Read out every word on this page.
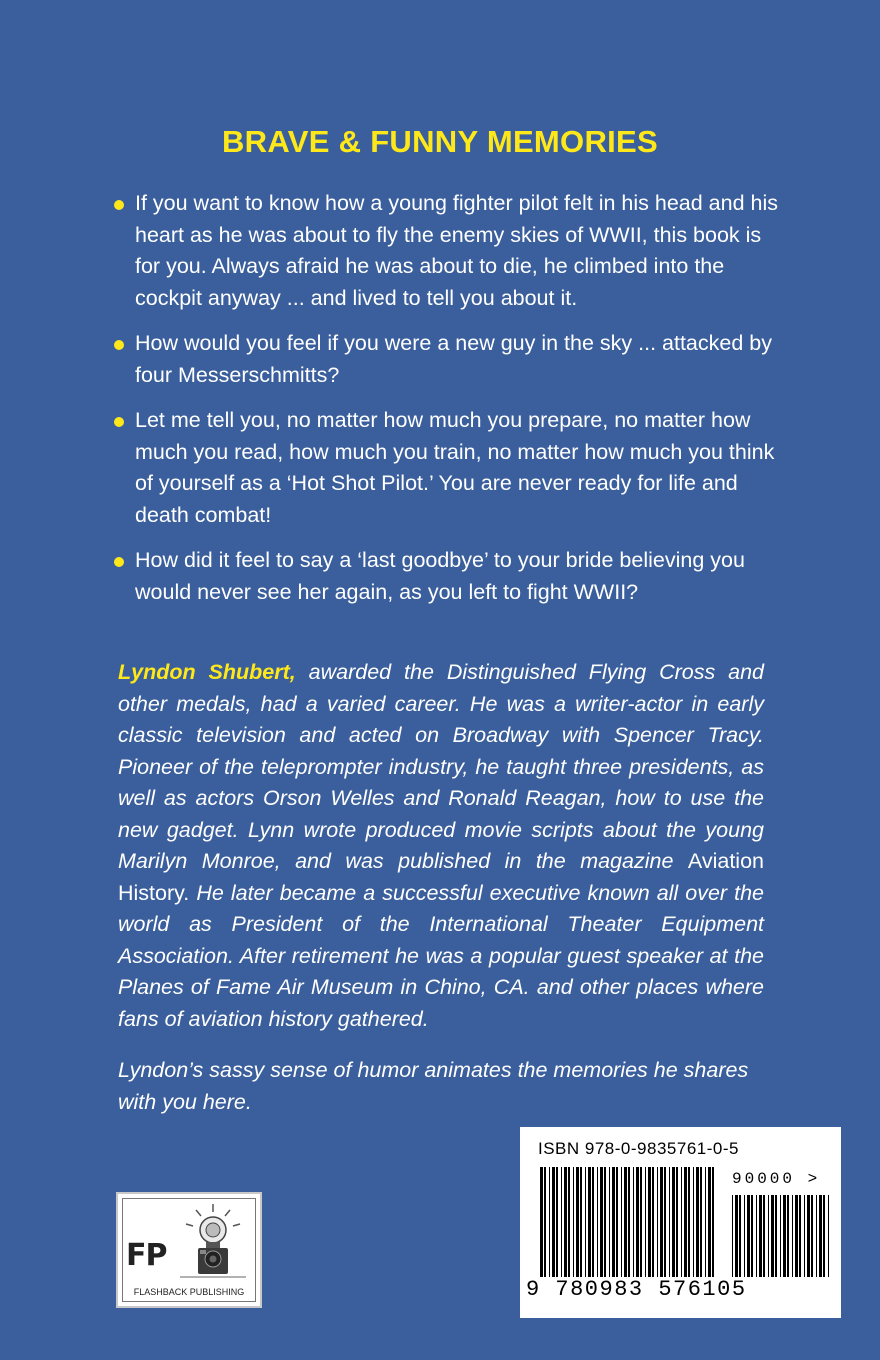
BRAVE & FUNNY MEMORIES
If you want to know how a young fighter pilot felt in his head and his heart as he was about to fly the enemy skies of WWII, this book is for you. Always afraid he was about to die, he climbed into the cockpit anyway ... and lived to tell you about it.
How would you feel if you were a new guy in the sky ... attacked by four Messerschmitts?
Let me tell you, no matter how much you prepare, no matter how much you read, how much you train, no matter how much you think of yourself as a ‘Hot Shot Pilot.’ You are never ready for life and death combat!
How did it feel to say a ‘last goodbye’ to your bride believing you would never see her again, as you left to fight WWII?

Lyndon Shubert, awarded the Distinguished Flying Cross and other medals, had a varied career. He was a writer-actor in early classic television and acted on Broadway with Spencer Tracy. Pioneer of the teleprompter industry, he taught three presidents, as well as actors Orson Welles and Ronald Reagan, how to use the new gadget. Lynn wrote produced movie scripts about the young Marilyn Monroe, and was published in the magazine Aviation History. He later became a successful executive known all over the world as President of the International Theater Equipment Association. After retirement he was a popular guest speaker at the Planes of Fame Air Museum in Chino, CA. and other places where fans of aviation history gathered.

Lyndon’s sassy sense of humor animates the memories he shares with you here.

FP
FLASHBACK PUBLISHING
ISBN 978-0-9835761-0-5
90000 >
9 780983 576105
